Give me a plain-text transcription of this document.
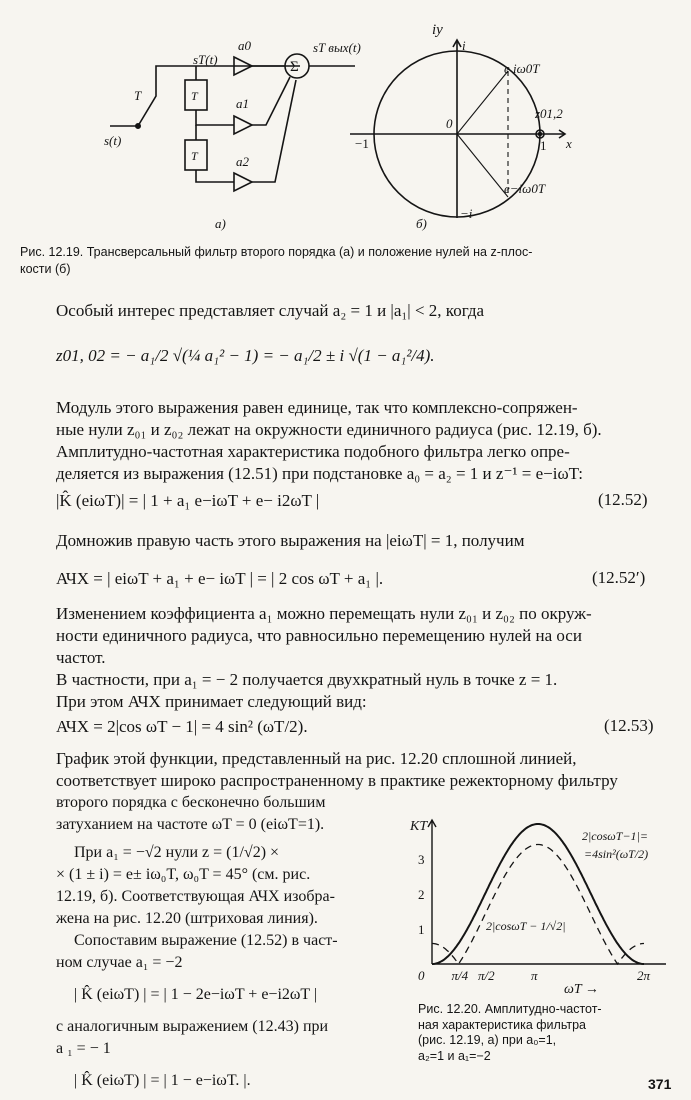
sT(t)
a0
a1
a2
Σ
sT вых(t)
T
s(t)
T
T
а)
iy
i
e iω0T
z01,2
−1
0
1 x
e−iω0T
−i
б)
Рис. 12.19. Трансверсальный фильтр второго порядка (а) и положение нулей на z-плос-
кости (б)
Особый интерес представляет случай a₂ = 1 и |a₁| < 2, когда
z01, 02 = − a₁/2 √(¼ a₁² − 1) = − a₁/2 ± i √(1 − a₁²/4).
Модуль этого выражения равен единице, так что комплексно-сопряжен-
ные нули z₀₁ и z₀₂ лежат на окружности единичного радиуса (рис. 12.19, б).
Амплитудно-частотная характеристика подобного фильтра легко опре-
деляется из выражения (12.51) при подстановке a₀ = a₂ = 1 и z⁻¹ = e−iωT:
|K̂ (eiωT)| = | 1 + a₁ e−iωT + e− i2ωT |	(12.52)
Домножив правую часть этого выражения на |eiωT| = 1, получим
АЧХ = | eiωT + a₁ + e− iωT | = | 2 cos ωT + a₁ |.	(12.52′)
Изменением коэффициента a₁ можно перемещать нули z₀₁ и z₀₂ по окруж-
ности единичного радиуса, что равносильно перемещению нулей на оси
частот.
В частности, при a₁ = − 2 получается двухкратный нуль в точке z = 1.
При этом АЧХ принимает следующий вид:
АЧХ = 2|cos ωT − 1| = 4 sin² (ωT/2).	(12.53)
График этой функции, представленный на рис. 12.20 сплошной линией,
соответствует широко распространенному в практике режекторному фильтру
второго порядка с бесконечно большим
затуханием на частоте ωT = 0 (eiωT=1).
При a₁ = −√2 нули z = (1/√2) ×
× (1 ± i) = e± iω₀T, ω₀T = 45° (см. рис.
12.19, б). Соответствующая АЧХ изобра-
жена на рис. 12.20 (штриховая линия).
Сопоставим выражение (12.52) в част-
ном случае a₁ = −2
| K̂ (eiωT) | = | 1 − 2e−iωT + e−i2ωT |
с аналогичным выражением (12.43) при
a ₁ = − 1
| K̂ (eiωT) | = | 1 − e−iωT. |.
0 π/4 π/2	π	2π
1
2
3
KT
ωT →
2|cosωT−1|=
=4sin²(ωT/2)
2|cosωT − 1/√2|
Рис. 12.20. Амплитудно-частот-
ная характеристика фильтра
(рис. 12.19, а) при a₀=1,
a₂=1 и a₁=−2
371
